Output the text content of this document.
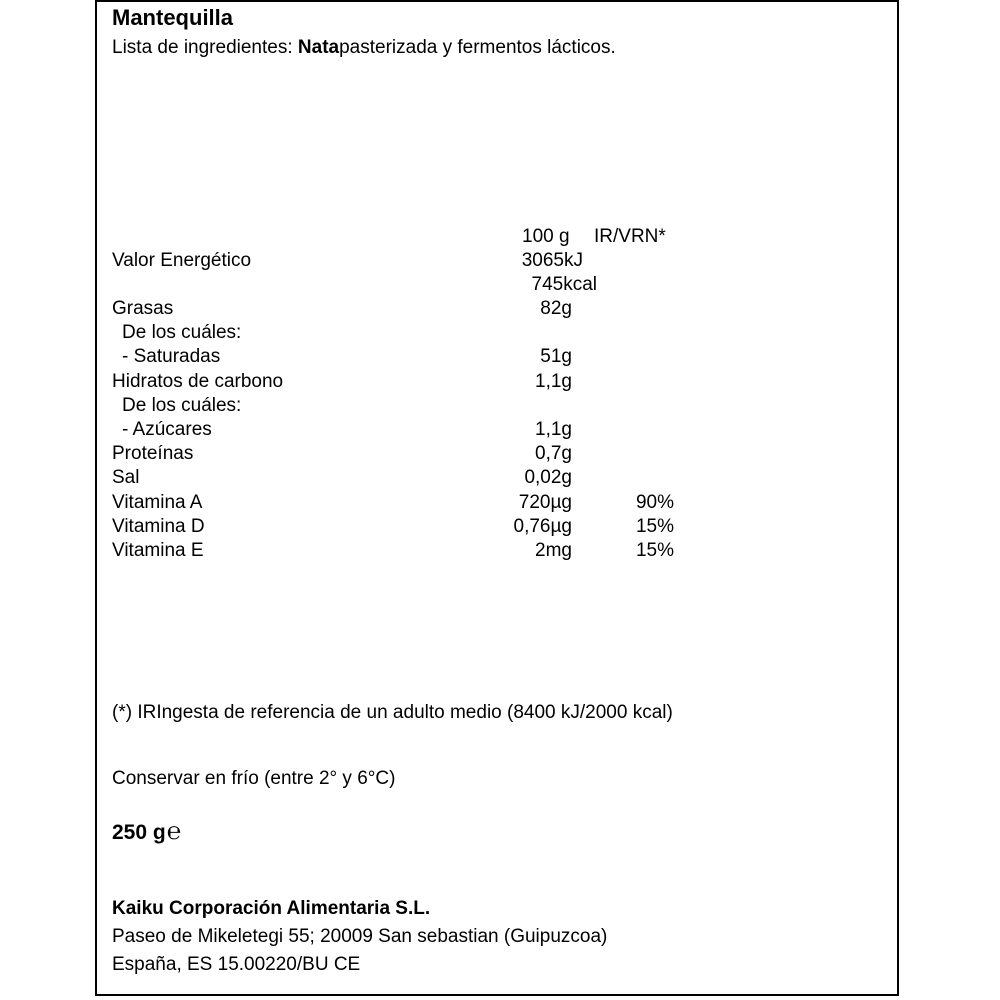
Mantequilla
Lista de ingredientes: Natapasterizada y fermentos lácticos.
100 g IR/VRN*
Valor Energético	3065kJ
745kcal
Grasas	82g
De los cuáles:
- Saturadas	51g
Hidratos de carbono	1,1g
De los cuáles:
- Azúcares	1,1g
Proteínas	0,7g
Sal	0,02g
Vitamina A	720µg	90%
Vitamina D	0,76µg	15%
Vitamina E	2mg	15%
(*) IRIngesta de referencia de un adulto medio (8400 kJ/2000 kcal)
Conservar en frío (entre 2° y 6°C)
250 g℮
Kaiku Corporación Alimentaria S.L.
Paseo de Mikeletegi 55; 20009 San sebastian (Guipuzcoa)
España, ES 15.00220/BU CE
